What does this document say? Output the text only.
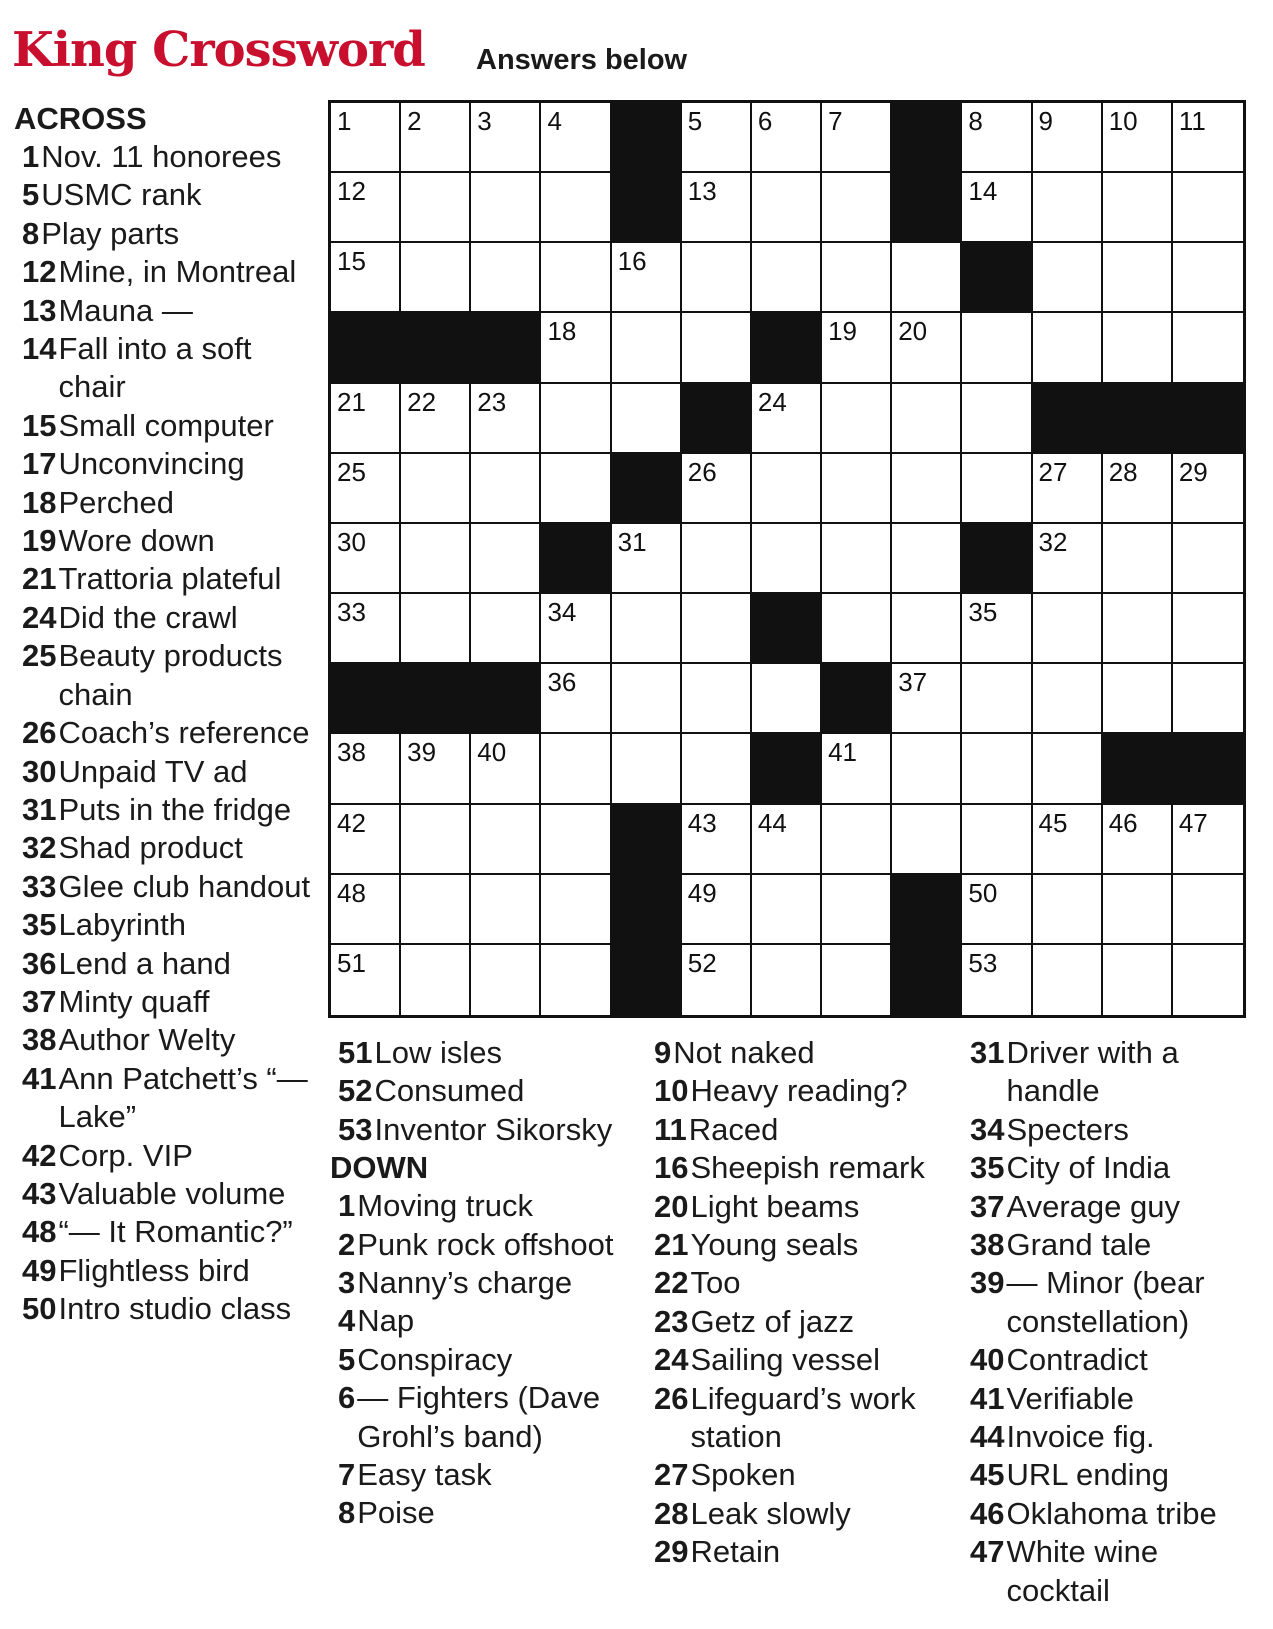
King Crossword Answers below
ACROSS
1 Nov. 11 honorees
5 USMC rank
8 Play parts
12 Mine, in Montreal
13 Mauna —
14 Fall into a soft chair
15 Small computer
17 Unconvincing
18 Perched
19 Wore down
21 Trattoria plateful
24 Did the crawl
25 Beauty products chain
26 Coach’s reference
30 Unpaid TV ad
31 Puts in the fridge
32 Shad product
33 Glee club handout
35 Labyrinth
36 Lend a hand
37 Minty quaff
38 Author Welty
41 Ann Patchett’s “— Lake”
42 Corp. VIP
43 Valuable volume
48 “— It Romantic?”
49 Flightless bird
50 Intro studio class
1 2 3 4	5 6 7	8 9 10 11
12	13	14
15	16
18	19 20
21 22 23	24
25	26	27 28 29
30	31	32
33	34	35
36	37
38 39 40	41
42	43 44	45 46 47
48	49	50
51	52	53
51 Low isles
52 Consumed
53 Inventor Sikorsky
DOWN
1 Moving truck
2 Punk rock offshoot
3 Nanny’s charge
4 Nap
5 Conspiracy
6 — Fighters (Dave Grohl’s band)
7 Easy task
8 Poise
9 Not naked
10 Heavy reading?
11 Raced
16 Sheepish remark
20 Light beams
21 Young seals
22 Too
23 Getz of jazz
24 Sailing vessel
26 Lifeguard’s work station
27 Spoken
28 Leak slowly
29 Retain
31 Driver with a handle
34 Specters
35 City of India
37 Average guy
38 Grand tale
39 — Minor (bear constellation)
40 Contradict
41 Verifiable
44 Invoice fig.
45 URL ending
46 Oklahoma tribe
47 White wine cocktail
